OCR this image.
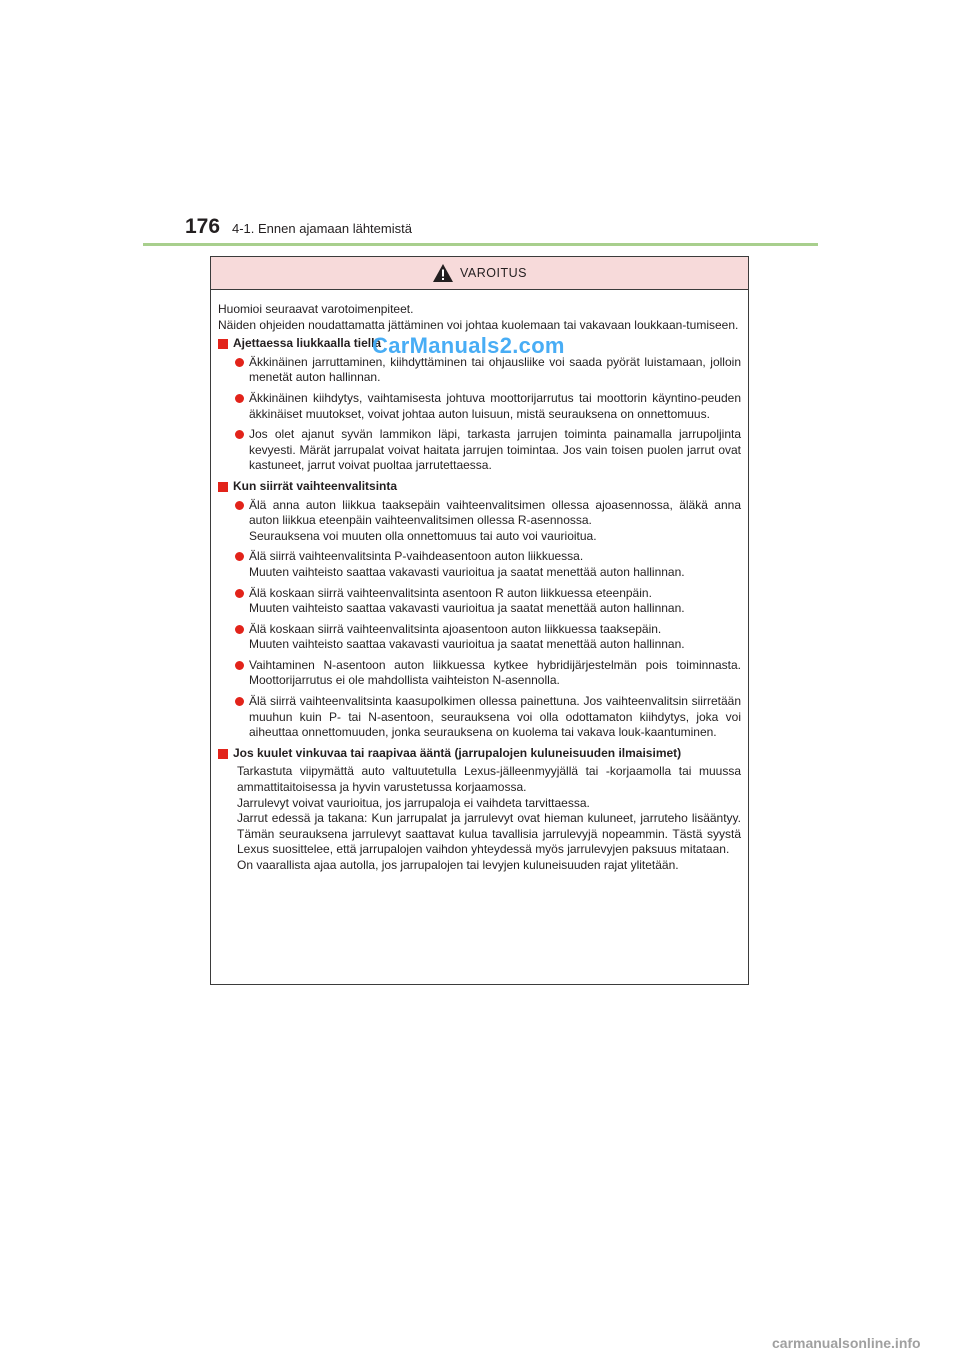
176 4-1. Ennen ajamaan lähtemistä
VAROITUS

Huomioi seuraavat varotoimenpiteet.

Näiden ohjeiden noudattamatta jättäminen voi johtaa kuolemaan tai vakavaan loukkaan-tumiseen.

Ajettaessa liukkaalla tiellä
Äkkinäinen jarruttaminen, kiihdyttäminen tai ohjausliike voi saada pyörät luistamaan, jolloin menetät auton hallinnan.
Äkkinäinen kiihdytys, vaihtamisesta johtuva moottorijarrutus tai moottorin käyntino-peuden äkkinäiset muutokset, voivat johtaa auton luisuun, mistä seurauksena on onnettomuus.
Jos olet ajanut syvän lammikon läpi, tarkasta jarrujen toiminta painamalla jarrupoljinta kevyesti. Märät jarrupalat voivat haitata jarrujen toimintaa. Jos vain toisen puolen jarrut ovat kastuneet, jarrut voivat puoltaa jarrutettaessa.
Kun siirrät vaihteenvalitsinta
Älä anna auton liikkua taaksepäin vaihteenvalitsimen ollessa ajoasennossa, äläkä anna auton liikkua eteenpäin vaihteenvalitsimen ollessa R-asennossa.
Seurauksena voi muuten olla onnettomuus tai auto voi vaurioitua.
Älä siirrä vaihteenvalitsinta P-vaihdeasentoon auton liikkuessa.
Muuten vaihteisto saattaa vakavasti vaurioitua ja saatat menettää auton hallinnan.
Älä koskaan siirrä vaihteenvalitsinta asentoon R auton liikkuessa eteenpäin.
Muuten vaihteisto saattaa vakavasti vaurioitua ja saatat menettää auton hallinnan.
Älä koskaan siirrä vaihteenvalitsinta ajoasentoon auton liikkuessa taaksepäin.
Muuten vaihteisto saattaa vakavasti vaurioitua ja saatat menettää auton hallinnan.
Vaihtaminen N-asentoon auton liikkuessa kytkee hybridijärjestelmän pois toiminnasta. Moottorijarrutus ei ole mahdollista vaihteiston N-asennolla.
Älä siirrä vaihteenvalitsinta kaasupolkimen ollessa painettuna. Jos vaihteenvalitsin siirretään muuhun kuin P- tai N-asentoon, seurauksena voi olla odottamaton kiihdytys, joka voi aiheuttaa onnettomuuden, jonka seurauksena on kuolema tai vakava louk-kaantuminen.
Jos kuulet vinkuvaa tai raapivaa ääntä (jarrupalojen kuluneisuuden ilmaisimet)

Tarkastuta viipymättä auto valtuutetulla Lexus-jälleenmyyjällä tai -korjaamolla tai muussa ammattitaitoisessa ja hyvin varustetussa korjaamossa.
Jarrulevyt voivat vaurioitua, jos jarrupaloja ei vaihdeta tarvittaessa.

Jarrut edessä ja takana: Kun jarrupalat ja jarrulevyt ovat hieman kuluneet, jarruteho lisääntyy. Tämän seurauksena jarrulevyt saattavat kulua tavallisia jarrulevyjä nopeammin. Tästä syystä Lexus suosittelee, että jarrupalojen vaihdon yhteydessä myös jarrulevyjen paksuus mitataan.
On vaarallista ajaa autolla, jos jarrupalojen tai levyjen kuluneisuuden rajat ylitetään.

CarManuals2.com
carmanualsonline.info
